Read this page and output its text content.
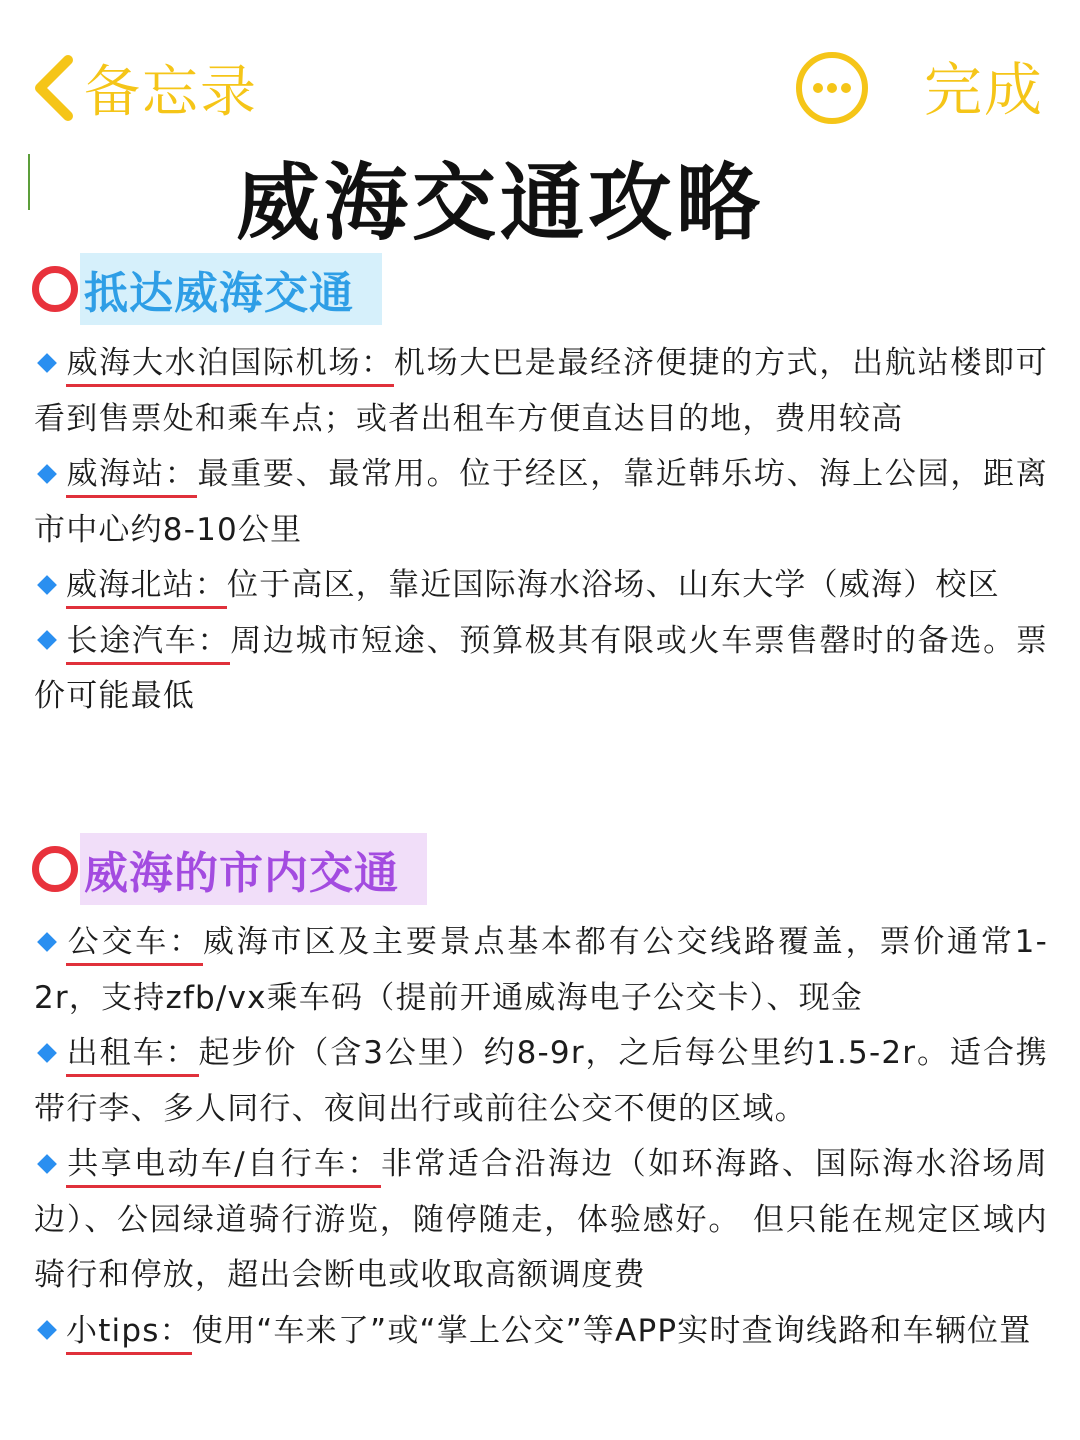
备忘录	完成
威海交通攻略
抵达威海交通
威海大水泊国际机场：机场大巴是最经济便捷的方式，出航站楼即可看到售票处和乘车点；或者出租车方便直达目的地，费用较高
威海站：最重要、最常用。位于经区，靠近韩乐坊、海上公园，距离市中心约8-10公里
威海北站：位于高区，靠近国际海水浴场、山东大学（威海）校区
长途汽车：周边城市短途、预算极其有限或火车票售罄时的备选。票价可能最低
威海的市内交通
公交车：威海市区及主要景点基本都有公交线路覆盖，票价通常1-2r，支持zfb/vx乘车码（提前开通威海电子公交卡）、现金
出租车：起步价（含3公里）约8-9r，之后每公里约1.5-2r。适合携带行李、多人同行、夜间出行或前往公交不便的区域。
共享电动车/自行车：非常适合沿海边（如环海路、国际海水浴场周边）、公园绿道骑行游览，随停随走，体验感好。 但只能在规定区域内骑行和停放，超出会断电或收取高额调度费
小tips：使用“车来了”或“掌上公交”等APP实时查询线路和车辆位置
